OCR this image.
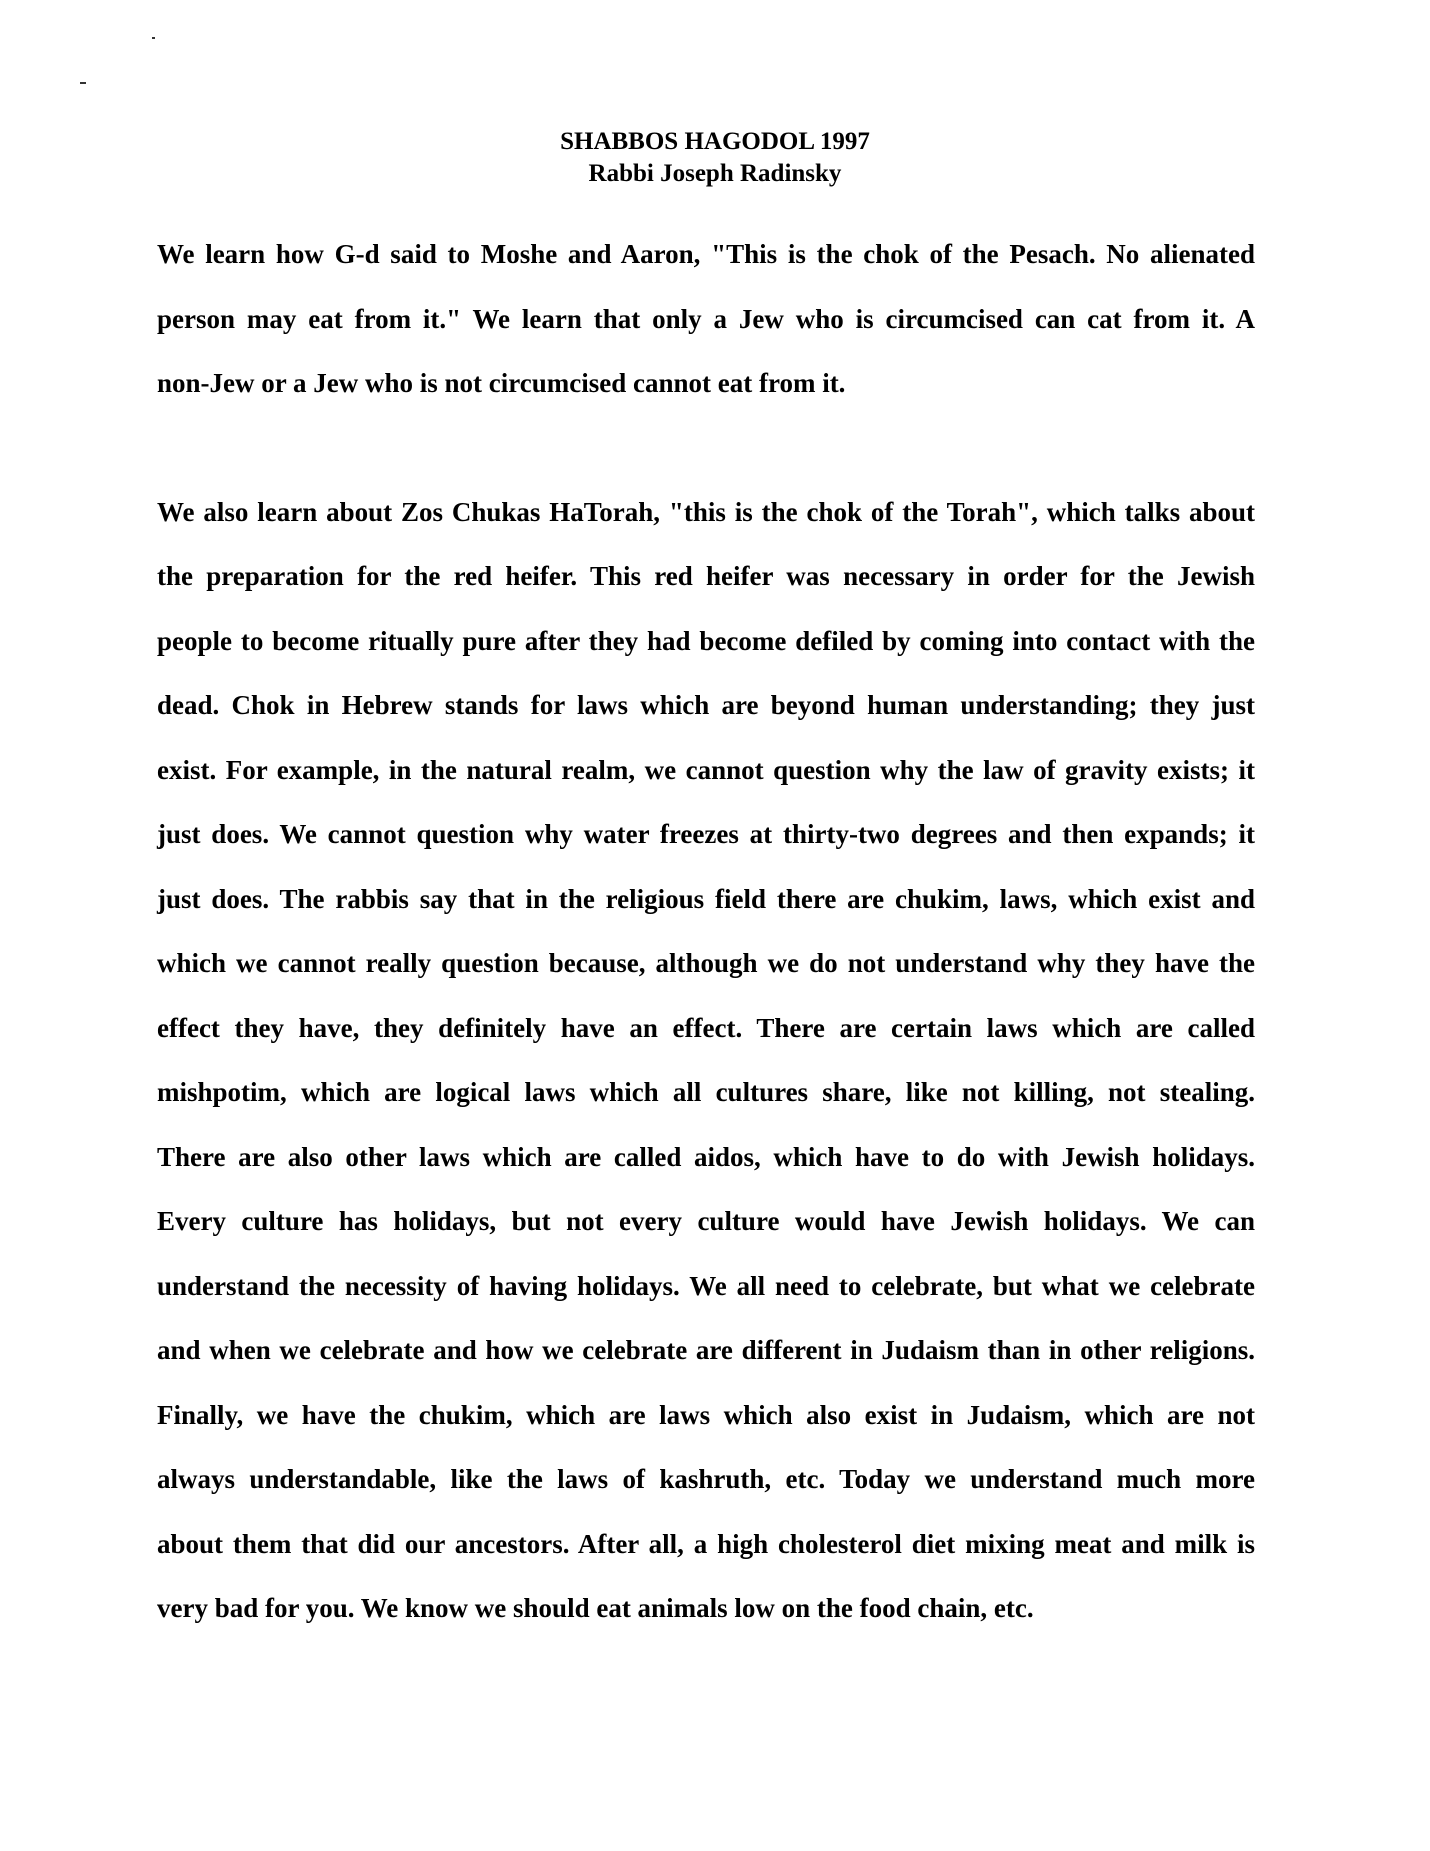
SHABBOS HAGODOL 1997
Rabbi Joseph Radinsky
We learn how G-d said to Moshe and Aaron, "This is the chok of the Pesach. No alienated
person may eat from it." We learn that only a Jew who is circumcised can cat from it. A
non-Jew or a Jew who is not circumcised cannot eat from it.
We also learn about Zos Chukas HaTorah, "this is the chok of the Torah", which talks about
the preparation for the red heifer. This red heifer was necessary in order for the Jewish
people to become ritually pure after they had become defiled by coming into contact with the
dead. Chok in Hebrew stands for laws which are beyond human understanding; they just
exist. For example, in the natural realm, we cannot question why the law of gravity exists; it
just does. We cannot question why water freezes at thirty-two degrees and then expands; it
just does. The rabbis say that in the religious field there are chukim, laws, which exist and
which we cannot really question because, although we do not understand why they have the
effect they have, they definitely have an effect. There are certain laws which are called
mishpotim, which are logical laws which all cultures share, like not killing, not stealing.
There are also other laws which are called aidos, which have to do with Jewish holidays.
Every culture has holidays, but not every culture would have Jewish holidays. We can
understand the necessity of having holidays. We all need to celebrate, but what we celebrate
and when we celebrate and how we celebrate are different in Judaism than in other religions.
Finally, we have the chukim, which are laws which also exist in Judaism, which are not
always understandable, like the laws of kashruth, etc. Today we understand much more
about them that did our ancestors. After all, a high cholesterol diet mixing meat and milk is
very bad for you. We know we should eat animals low on the food chain, etc.
